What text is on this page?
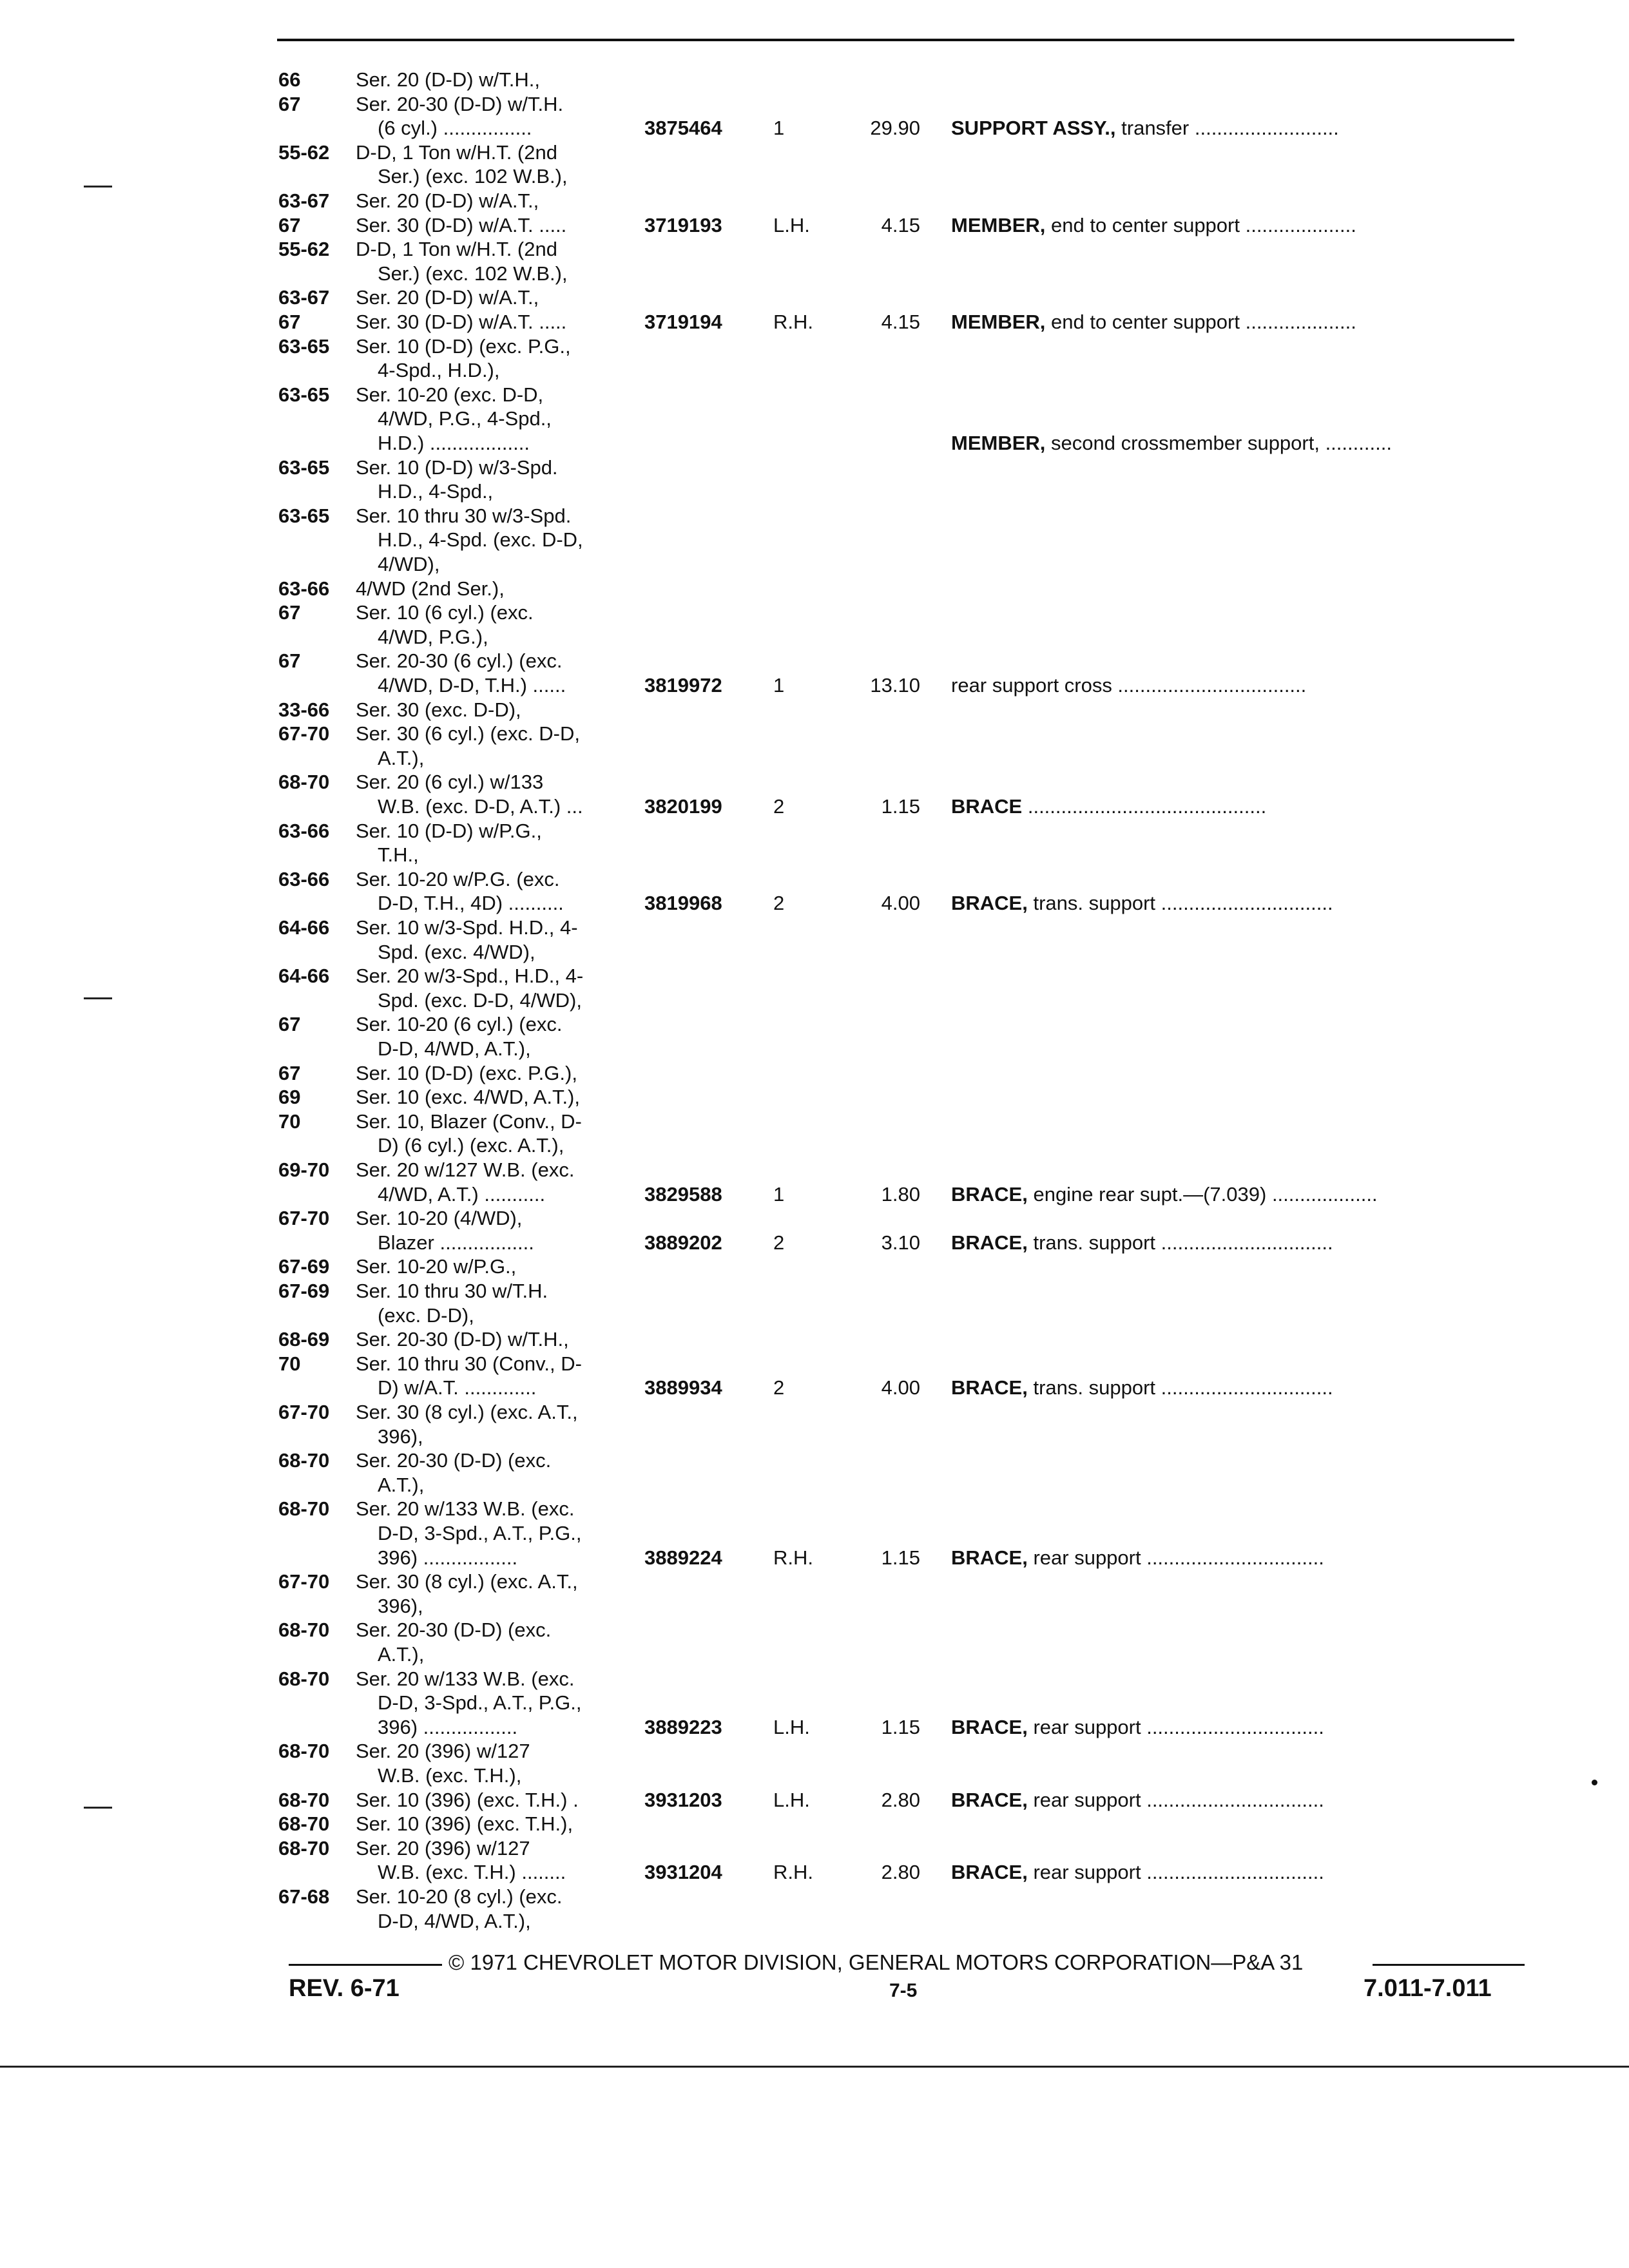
66	Ser. 20 (D-D) w/T.H.,
67	Ser. 20-30 (D-D) w/T.H.
(6 cyl.) ................	3875464	1	29.90 SUPPORT ASSY., transfer ..........................
55-62 D-D, 1 Ton w/H.T. (2nd
Ser.) (exc. 102 W.B.),
63-67 Ser. 20 (D-D) w/A.T.,
67	Ser. 30 (D-D) w/A.T. .....	3719193	L.H.	4.15 MEMBER, end to center support ....................
55-62 D-D, 1 Ton w/H.T. (2nd
Ser.) (exc. 102 W.B.),
63-67 Ser. 20 (D-D) w/A.T.,
67	Ser. 30 (D-D) w/A.T. .....	3719194	R.H.	4.15 MEMBER, end to center support ....................
63-65 Ser. 10 (D-D) (exc. P.G.,
4-Spd., H.D.),
63-65 Ser. 10-20 (exc. D-D,
4/WD, P.G., 4-Spd.,
H.D.) ..................	MEMBER, second crossmember support, ............
63-65 Ser. 10 (D-D) w/3-Spd.
H.D., 4-Spd.,
63-65 Ser. 10 thru 30 w/3-Spd.
H.D., 4-Spd. (exc. D-D,
4/WD),
63-66 4/WD (2nd Ser.),
67	Ser. 10 (6 cyl.) (exc.
4/WD, P.G.),
67	Ser. 20-30 (6 cyl.) (exc.
4/WD, D-D, T.H.) ......	3819972	1	13.10 rear support cross ..................................
33-66 Ser. 30 (exc. D-D),
67-70 Ser. 30 (6 cyl.) (exc. D-D,
A.T.),
68-70 Ser. 20 (6 cyl.) w/133
W.B. (exc. D-D, A.T.) ...	3820199	2	1.15 BRACE ...........................................
63-66 Ser. 10 (D-D) w/P.G.,
T.H.,
63-66 Ser. 10-20 w/P.G. (exc.
D-D, T.H., 4D) ..........	3819968	2	4.00 BRACE, trans. support ...............................
64-66 Ser. 10 w/3-Spd. H.D., 4-
Spd. (exc. 4/WD),
64-66 Ser. 20 w/3-Spd., H.D., 4-
Spd. (exc. D-D, 4/WD),
67	Ser. 10-20 (6 cyl.) (exc.
D-D, 4/WD, A.T.),
67	Ser. 10 (D-D) (exc. P.G.),
69	Ser. 10 (exc. 4/WD, A.T.),
70	Ser. 10, Blazer (Conv., D-
D) (6 cyl.) (exc. A.T.),
69-70 Ser. 20 w/127 W.B. (exc.
4/WD, A.T.) ...........	3829588	1	1.80 BRACE, engine rear supt.—(7.039) ...................
67-70 Ser. 10-20 (4/WD),
Blazer .................	3889202	2	3.10 BRACE, trans. support ...............................
67-69 Ser. 10-20 w/P.G.,
67-69 Ser. 10 thru 30 w/T.H.
(exc. D-D),
68-69 Ser. 20-30 (D-D) w/T.H.,
70	Ser. 10 thru 30 (Conv., D-
D) w/A.T. .............	3889934	2	4.00 BRACE, trans. support ...............................
67-70 Ser. 30 (8 cyl.) (exc. A.T.,
396),
68-70 Ser. 20-30 (D-D) (exc.
A.T.),
68-70 Ser. 20 w/133 W.B. (exc.
D-D, 3-Spd., A.T., P.G.,
396) .................	3889224	R.H.	1.15 BRACE, rear support ................................
67-70 Ser. 30 (8 cyl.) (exc. A.T.,
396),
68-70 Ser. 20-30 (D-D) (exc.
A.T.),
68-70 Ser. 20 w/133 W.B. (exc.
D-D, 3-Spd., A.T., P.G.,
396) .................	3889223	L.H.	1.15 BRACE, rear support ................................
68-70 Ser. 20 (396) w/127
W.B. (exc. T.H.),
68-70 Ser. 10 (396) (exc. T.H.) .	3931203	L.H.	2.80 BRACE, rear support ................................
68-70 Ser. 10 (396) (exc. T.H.),
68-70 Ser. 20 (396) w/127
W.B. (exc. T.H.) ........	3931204	R.H.	2.80 BRACE, rear support ................................
67-68 Ser. 10-20 (8 cyl.) (exc.
D-D, 4/WD, A.T.),
© 1971 CHEVROLET MOTOR DIVISION, GENERAL MOTORS CORPORATION—P&A 31
REV. 6-71	7-5	7.011-7.011
